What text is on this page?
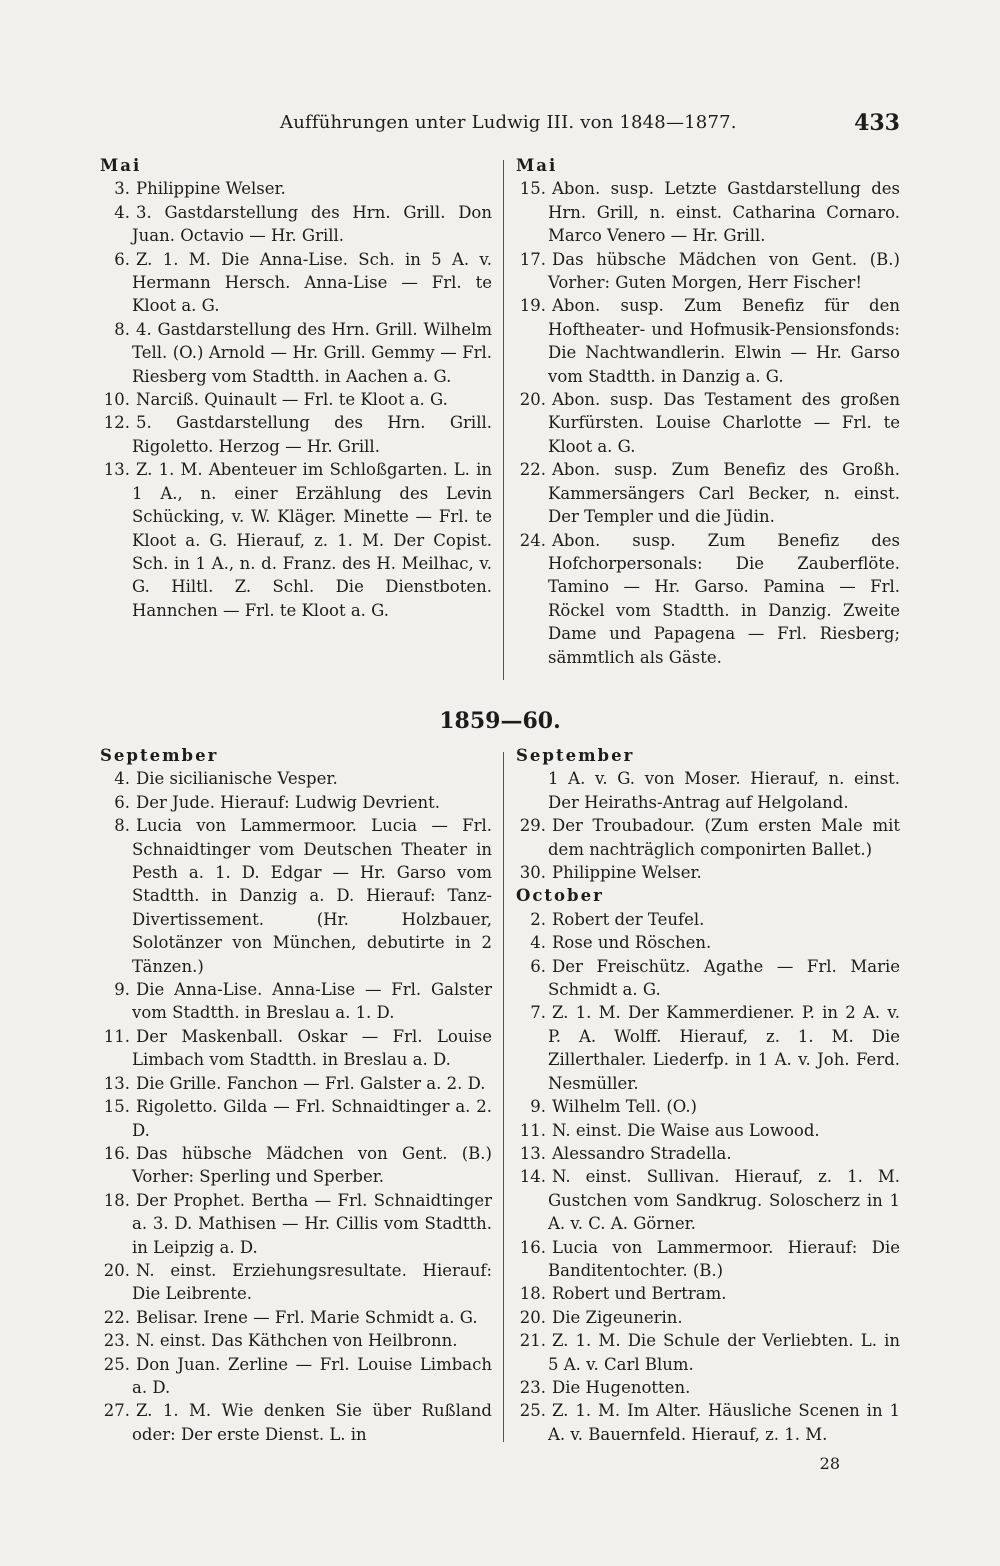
Aufführungen unter Ludwig III. von 1848—1877.	433

Mai

3. Philippine Welser.

4. 3. Gastdarstellung des Hrn. Grill. Don Juan. Octavio — Hr. Grill.

6. Z. 1. M. Die Anna-Lise. Sch. in 5 A. v. Hermann Hersch. Anna-Lise — Frl. te Kloot a. G.

8. 4. Gastdarstellung des Hrn. Grill. Wilhelm Tell. (O.) Arnold — Hr. Grill. Gemmy — Frl. Riesberg vom Stadtth. in Aachen a. G.

10. Narciß. Quinault — Frl. te Kloot a. G.

12. 5. Gastdarstellung des Hrn. Grill. Rigoletto. Herzog — Hr. Grill.

13. Z. 1. M. Abenteuer im Schloßgarten. L. in 1 A., n. einer Erzählung des Levin Schücking, v. W. Kläger. Minette — Frl. te Kloot a. G. Hierauf, z. 1. M. Der Copist. Sch. in 1 A., n. d. Franz. des H. Meilhac, v. G. Hiltl. Z. Schl. Die Dienstboten. Hannchen — Frl. te Kloot a. G.

Mai

15. Abon. susp. Letzte Gastdarstellung des Hrn. Grill, n. einst. Catharina Cornaro. Marco Venero — Hr. Grill.

17. Das hübsche Mädchen von Gent. (B.) Vorher: Guten Morgen, Herr Fischer!

19. Abon. susp. Zum Benefiz für den Hoftheater- und Hofmusik-Pensionsfonds: Die Nachtwandlerin. Elwin — Hr. Garso vom Stadtth. in Danzig a. G.

20. Abon. susp. Das Testament des großen Kurfürsten. Louise Charlotte — Frl. te Kloot a. G.

22. Abon. susp. Zum Benefiz des Großh. Kammersängers Carl Becker, n. einst. Der Templer und die Jüdin.

24. Abon. susp. Zum Benefiz des Hofchorpersonals: Die Zauberflöte. Tamino — Hr. Garso. Pamina — Frl. Röckel vom Stadtth. in Danzig. Zweite Dame und Papagena — Frl. Riesberg; sämmtlich als Gäste.

1859—60.

September

4. Die sicilianische Vesper.

6. Der Jude. Hierauf: Ludwig Devrient.

8. Lucia von Lammermoor. Lucia — Frl. Schnaidtinger vom Deutschen Theater in Pesth a. 1. D. Edgar — Hr. Garso vom Stadtth. in Danzig a. D. Hierauf: Tanz-Divertissement. (Hr. Holzbauer, Solotänzer von München, debutirte in 2 Tänzen.)

9. Die Anna-Lise. Anna-Lise — Frl. Galster vom Stadtth. in Breslau a. 1. D.

11. Der Maskenball. Oskar — Frl. Louise Limbach vom Stadtth. in Breslau a. D.

13. Die Grille. Fanchon — Frl. Galster a. 2. D.

15. Rigoletto. Gilda — Frl. Schnaidtinger a. 2. D.

16. Das hübsche Mädchen von Gent. (B.) Vorher: Sperling und Sperber.

18. Der Prophet. Bertha — Frl. Schnaidtinger a. 3. D. Mathisen — Hr. Cillis vom Stadtth. in Leipzig a. D.

20. N. einst. Erziehungsresultate. Hierauf: Die Leibrente.

22. Belisar. Irene — Frl. Marie Schmidt a. G.

23. N. einst. Das Käthchen von Heilbronn.

25. Don Juan. Zerline — Frl. Louise Limbach a. D.

27. Z. 1. M. Wie denken Sie über Rußland oder: Der erste Dienst. L. in

September

1 A. v. G. von Moser. Hierauf, n. einst. Der Heiraths-Antrag auf Helgoland.

29. Der Troubadour. (Zum ersten Male mit dem nachträglich componirten Ballet.)

30. Philippine Welser.

October

2. Robert der Teufel.

4. Rose und Röschen.

6. Der Freischütz. Agathe — Frl. Marie Schmidt a. G.

7. Z. 1. M. Der Kammerdiener. P. in 2 A. v. P. A. Wolff. Hierauf, z. 1. M. Die Zillerthaler. Liederfp. in 1 A. v. Joh. Ferd. Nesmüller.

9. Wilhelm Tell. (O.)

11. N. einst. Die Waise aus Lowood.

13. Alessandro Stradella.

14. N. einst. Sullivan. Hierauf, z. 1. M. Gustchen vom Sandkrug. Soloscherz in 1 A. v. C. A. Görner.

16. Lucia von Lammermoor. Hierauf: Die Banditentochter. (B.)

18. Robert und Bertram.

20. Die Zigeunerin.

21. Z. 1. M. Die Schule der Verliebten. L. in 5 A. v. Carl Blum.

23. Die Hugenotten.

25. Z. 1. M. Im Alter. Häusliche Scenen in 1 A. v. Bauernfeld. Hierauf, z. 1. M.

28
